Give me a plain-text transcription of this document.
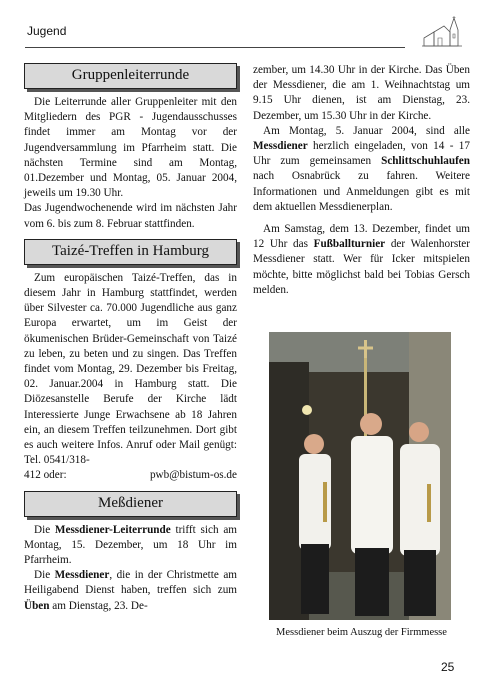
Jugend
Gruppenleiterrunde

Die Leiterrunde aller Gruppenleiter mit den Mitgliedern des PGR - Jugendausschusses findet immer am Montag vor der Jugendversammlung im Pfarrheim statt. Die nächsten Termine sind am Montag, 01.Dezember und Montag, 05. Januar 2004, jeweils um 19.30 Uhr.

Das Jugendwochenende wird im nächsten Jahr vom 6. bis zum 8. Februar stattfinden.

Taizé-Treffen in Hamburg

Zum europäischen Taizé-Treffen, das in diesem Jahr in Hamburg stattfindet, werden über Silvester ca. 70.000 Jugendliche aus ganz Europa erwartet, um im Geist der ökumenischen Brüder-Gemeinschaft von Taizé zu leben, zu beten und zu singen. Das Treffen findet vom Montag, 29. Dezember bis Freitag, 02. Januar.2004 in Hamburg statt. Die Diözesanstelle Berufe der Kirche lädt Interessierte Junge Erwachsene ab 18 Jahren ein, an diesem Treffen teilzunehmen. Dort gibt es auch weitere Infos. Anruf oder Mail genügt: Tel. 0541/318-

412 oder:	pwb@bistum-os.de
Meßdiener

Die Messdiener-Leiterrunde trifft sich am Montag, 15. Dezember, um 18 Uhr im Pfarrheim.

Die Messdiener, die in der Christmette am Heiligabend Dienst haben, treffen sich zum Üben am Dienstag, 23. De-

zember, um 14.30 Uhr in der Kirche. Das Üben der Messdiener, die am 1. Weihnachtstag um 9.15 Uhr dienen, ist am Dienstag, 23. Dezember, um 15.30 Uhr in der Kirche.

Am Montag, 5. Januar 2004, sind alle Messdiener herzlich eingeladen, von 14 - 17 Uhr zum gemeinsamen Schlittschuhlaufen nach Osnabrück zu fahren. Weitere Informationen und Anmeldungen gibt es mit dem aktuellen Messdienerplan.

Am Samstag, dem 13. Dezember, findet um 12 Uhr das Fußballturnier der Walenhorster Messdiener statt. Wer für Icker mitspielen möchte, bitte möglichst bald bei Tobias Gersch melden.

Messdiener beim Auszug der Firmmesse
25
